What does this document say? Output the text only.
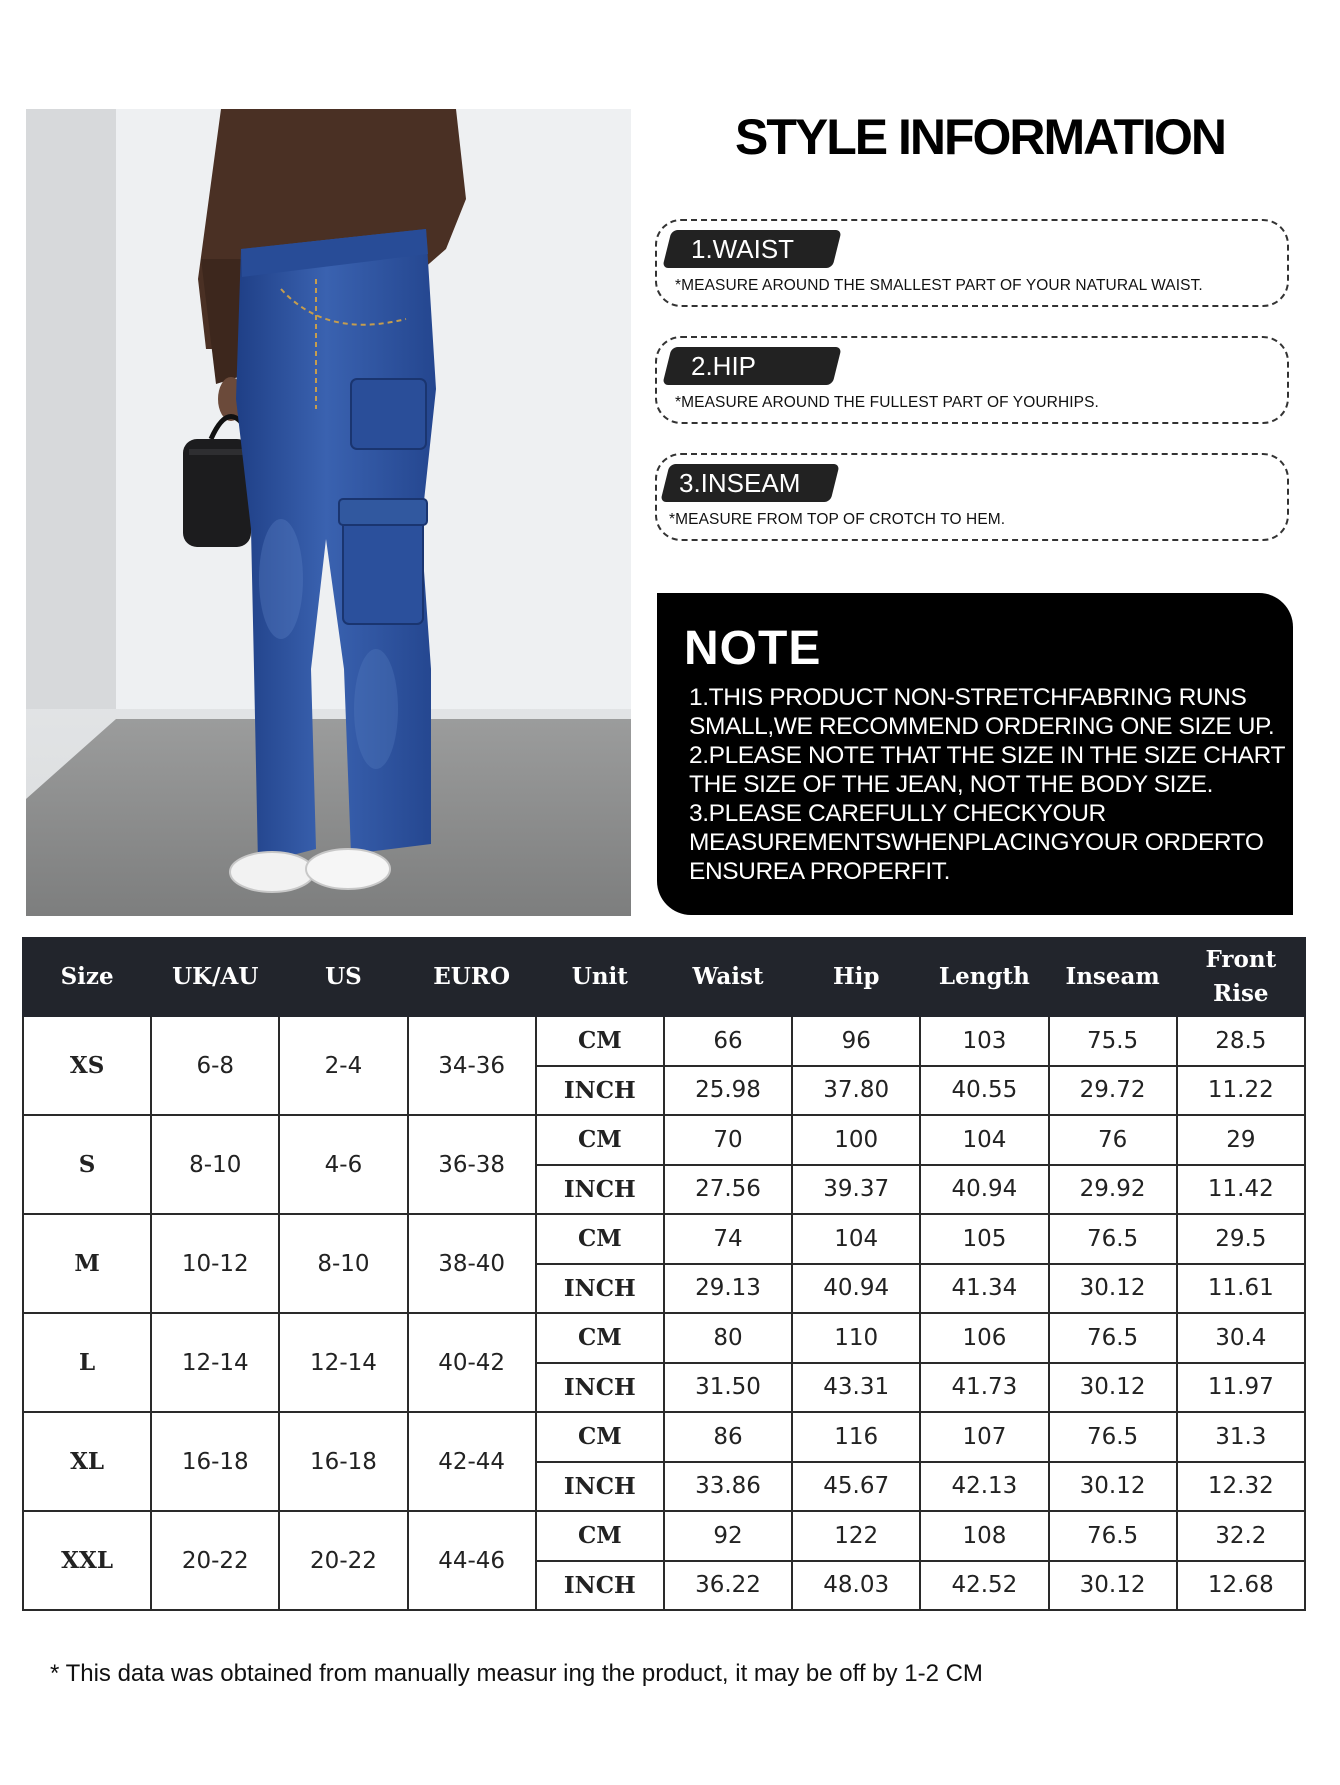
STYLE INFORMATION
1.WAIST
*MEASURE AROUND THE SMALLEST PART OF YOUR NATURAL WAIST.
2.HIP
*MEASURE AROUND THE FULLEST PART OF YOURHIPS.
3.INSEAM
*MEASURE FROM TOP OF CROTCH TO HEM.
NOTE
1.THIS PRODUCT NON-STRETCHFABRING RUNS
SMALL,WE RECOMMEND ORDERING ONE SIZE UP.
2.PLEASE NOTE THAT THE SIZE IN THE SIZE CHART IS
THE SIZE OF THE JEAN, NOT THE BODY SIZE.
3.PLEASE CAREFULLY CHECKYOUR
MEASUREMENTSWHENPLACINGYOUR ORDERTO
ENSUREA PROPERFIT.
Size	UK/AU	US	EURO	Unit	Waist	Hip	Length	Inseam	Front Rise
XS	6-8	2-4	34-36	CM	66	96	103	75.5	28.5
				INCH	25.98	37.80	40.55	29.72	11.22
S	8-10	4-6	36-38	CM	70	100	104	76	29
				INCH	27.56	39.37	40.94	29.92	11.42
M	10-12	8-10	38-40	CM	74	104	105	76.5	29.5
				INCH	29.13	40.94	41.34	30.12	11.61
L	12-14	12-14	40-42	CM	80	110	106	76.5	30.4
				INCH	31.50	43.31	41.73	30.12	11.97
XL	16-18	16-18	42-44	CM	86	116	107	76.5	31.3
				INCH	33.86	45.67	42.13	30.12	12.32
XXL	20-22	20-22	44-46	CM	92	122	108	76.5	32.2
				INCH	36.22	48.03	42.52	30.12	12.68
* This data was obtained from manually measur ing the product, it may be off by 1-2 CM
